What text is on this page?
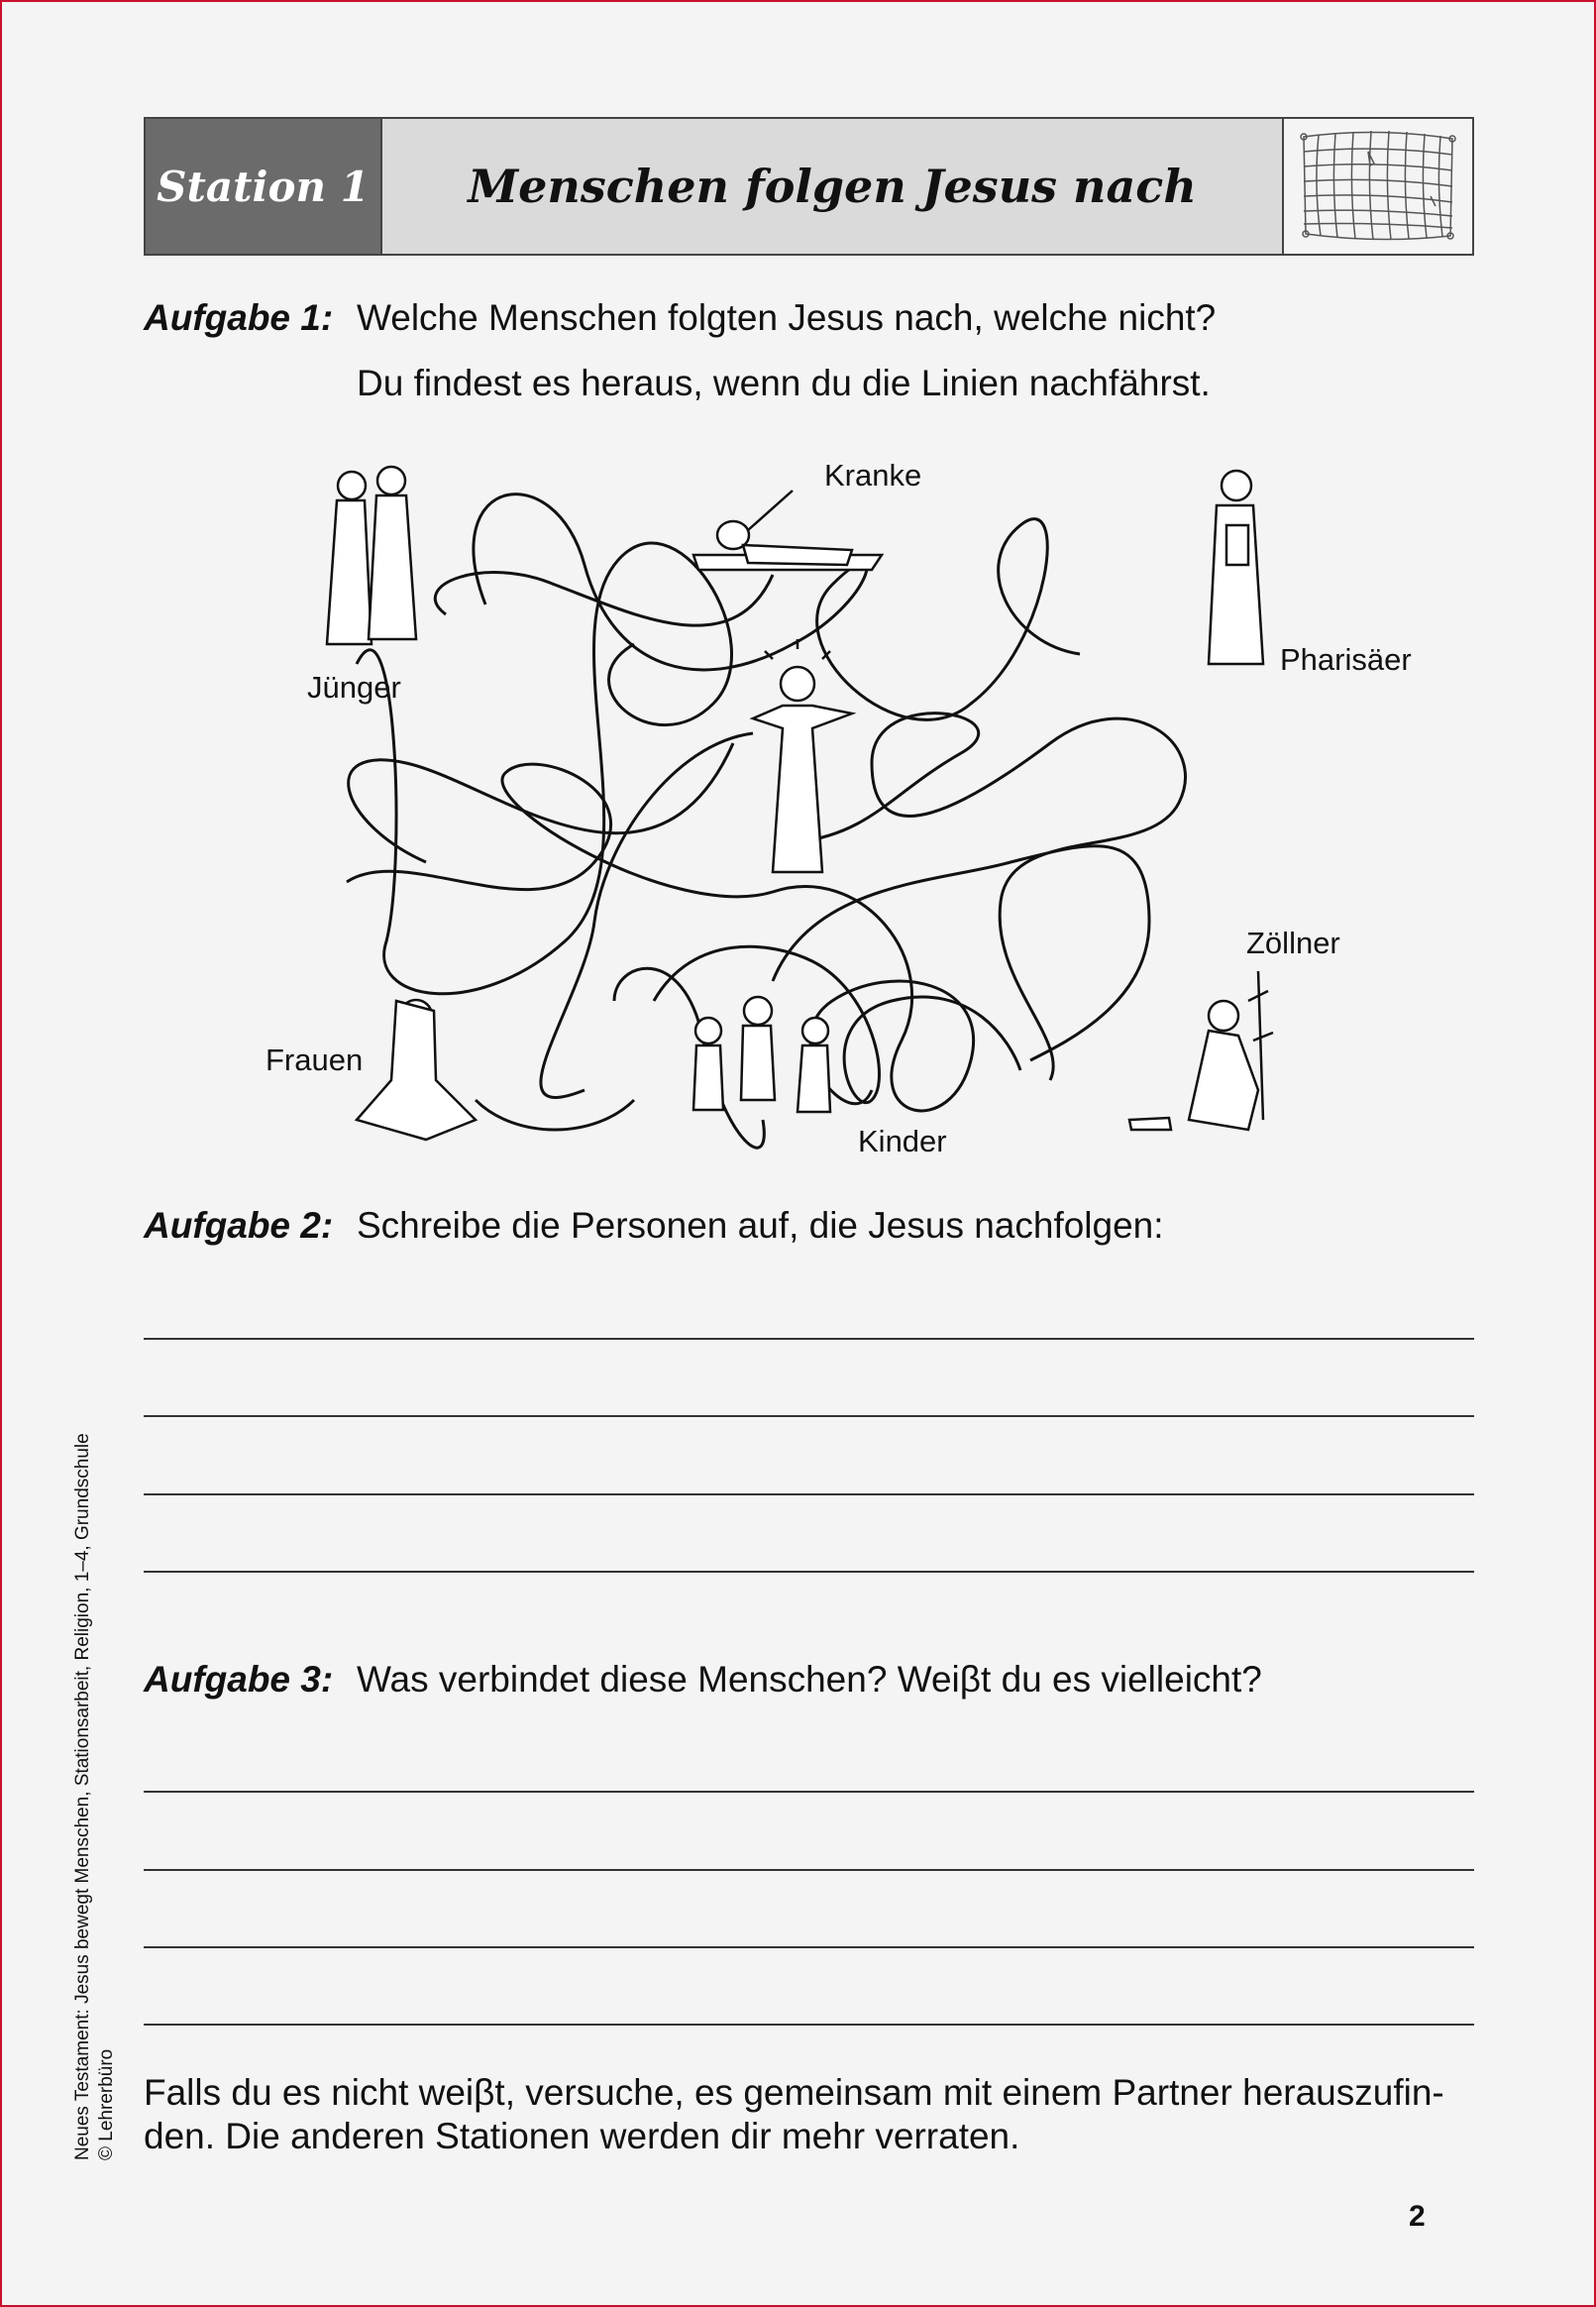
Station 1	Menschen folgen Jesus nach
Aufgabe 1: Welche Menschen folgten Jesus nach, welche nicht?
Du findest es heraus, wenn du die Linien nachfährst.
Kranke
Pharisäer
Jünger
Zöllner
Frauen
Kinder
Aufgabe 2: Schreibe die Personen auf, die Jesus nachfolgen:
Aufgabe 3: Was verbindet diese Menschen? Weiβt du es vielleicht?
Falls du es nicht weiβt, versuche, es gemeinsam mit einem Partner herauszufin-den. Die anderen Stationen werden dir mehr verraten.
Neues Testament: Jesus bewegt Menschen, Stationsarbeit, Religion, 1–4, Grundschule © Lehrerbüro
2
